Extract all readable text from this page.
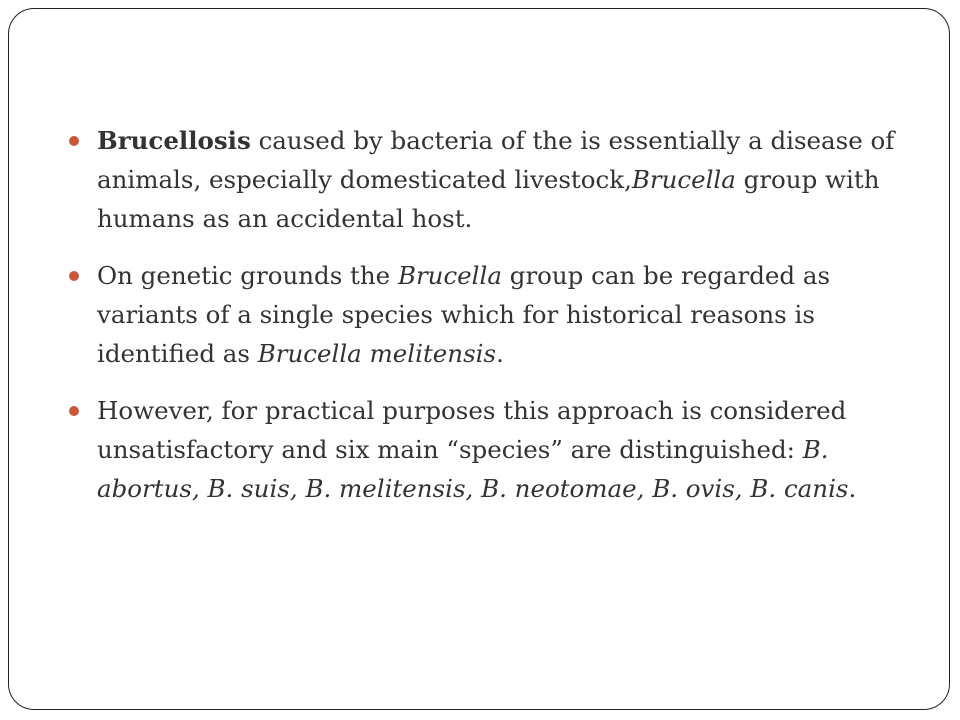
Brucellosis caused by bacteria of the is essentially a disease of animals, especially domesticated livestock,Brucella group with humans as an accidental host.
On genetic grounds the Brucella group can be regarded as variants of a single species which for historical reasons is identified as Brucella melitensis.
However, for practical purposes this approach is considered unsatisfactory and six main “species” are distinguished: B. abortus, B. suis, B. melitensis, B. neotomae, B. ovis, B. canis.
